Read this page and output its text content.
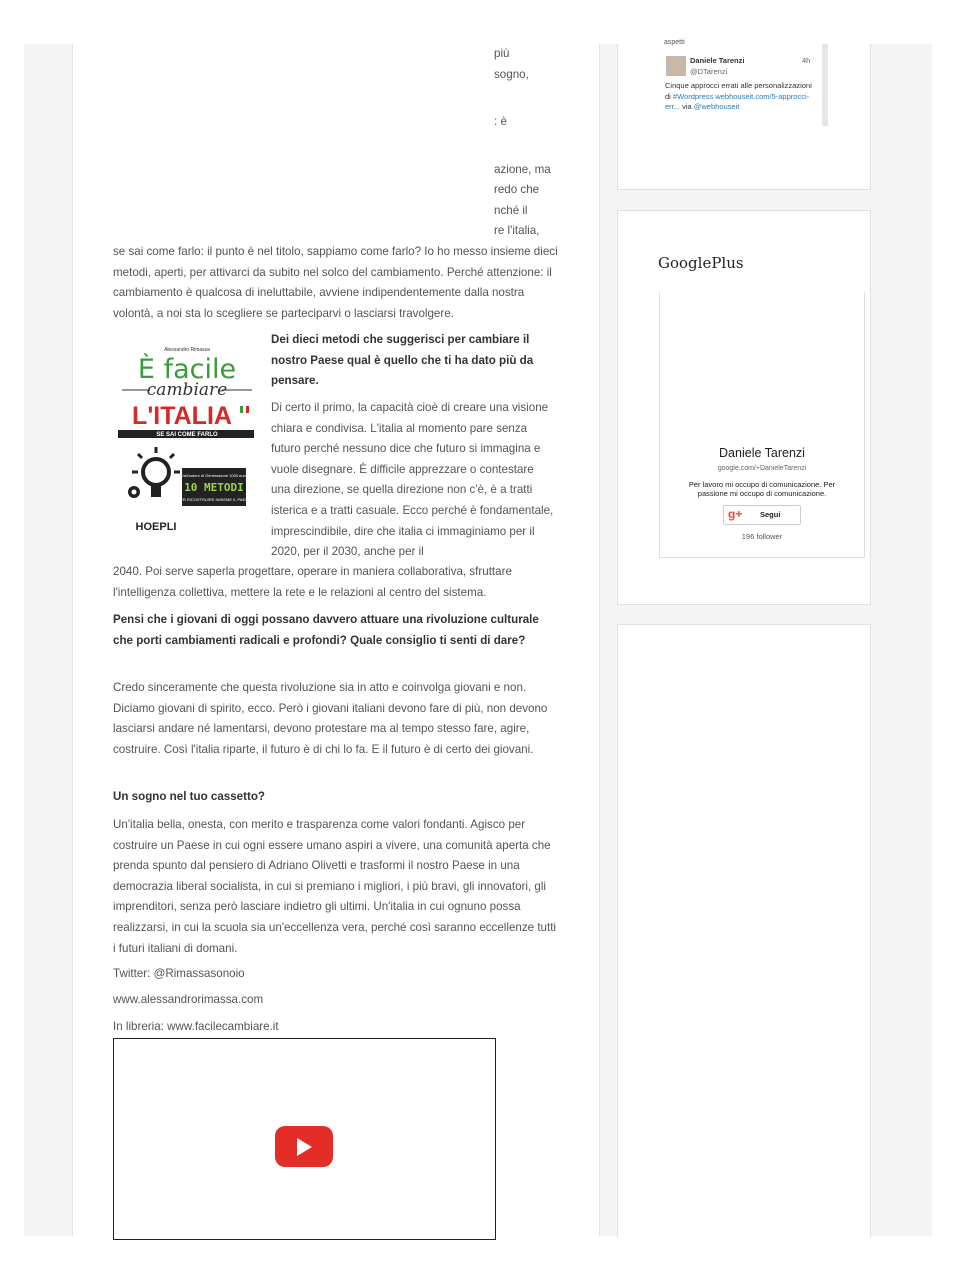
più
sogno,
: è
azione, ma
redo che
nché il
re l'italia,

se sai come farlo: il punto è nel titolo, sappiamo come farlo? Io ho messo insieme dieci metodi, aperti, per attivarci da subito nel solco del cambiamento. Perché attenzione: il cambiamento è qualcosa di ineluttabile, avviene indipendentemente dalla nostra volontà, a noi sta lo scegliere se parteciparvi o lasciarsi travolgere.

Alessandro Rimassa
È facile
cambiare
L'ITALIA
SE SAI COME FARLO
Dall'autore di Generazione 1000 euro
10 METODI
PER RICOSTRUIRE INSIEME IL PAESE
HOEPLI

Dei dieci metodi che suggerisci per cambiare il nostro Paese qual è quello che ti ha dato più da pensare.

Di certo il primo, la capacità cioè di creare una visione chiara e condivisa. L'italia al momento pare senza futuro perché nessuno dice che futuro si immagina e vuole disegnare. È difficile apprezzare o contestare una direzione, se quella direzione non c'è, è a tratti isterica e a tratti casuale. Ecco perché è fondamentale, imprescindibile, dire che italia ci immaginiamo per il 2020, per il 2030, anche per il

2040. Poi serve saperla progettare, operare in maniera collaborativa, sfruttare l'intelligenza collettiva, mettere la rete e le relazioni al centro del sistema.

Pensi che i giovani di oggi possano davvero attuare una rivoluzione culturale che porti cambiamenti radicali e profondi? Quale consiglio ti senti di dare?

Credo sinceramente che questa rivoluzione sia in atto e coinvolga giovani e non. Diciamo giovani di spirito, ecco. Però i giovani italiani devono fare di più, non devono lasciarsi andare né lamentarsi, devono protestare ma al tempo stesso fare, agire, costruire. Così l'italia riparte, il futuro è di chi lo fa. E il futuro è di certo dei giovani.

Un sogno nel tuo cassetto?

Un'italia bella, onesta, con merito e trasparenza come valori fondanti. Agisco per costruire un Paese in cui ogni essere umano aspiri a vivere, una comunità aperta che prenda spunto dal pensiero di Adriano Olivetti e trasformi il nostro Paese in una democrazia liberal socialista, in cui si premiano i migliori, i più bravi, gli innovatori, gli imprenditori, senza però lasciare indietro gli ultimi. Un'italia in cui ognuno possa realizzarsi, in cui la scuola sia un'eccellenza vera, perché così saranno eccellenze tutti i futuri italiani di domani.

Twitter: @Rimassasonoio

www.alessandrorimassa.com

In libreria: www.facilecambiare.it

aspetti
Daniele Tarenzi
@DTarenzi
4h
Cinque approcci errati alle personalizzazioni di #Wordpress webhouseit.com/5-approcci-err... via @webhouseit
GooglePlus
Daniele Tarenzi
google.com/+DanieleTarenzi
Per lavoro mi occupo di comunicazione. Per passione mi occupo di comunicazione.
g+ Segui
196 follower
